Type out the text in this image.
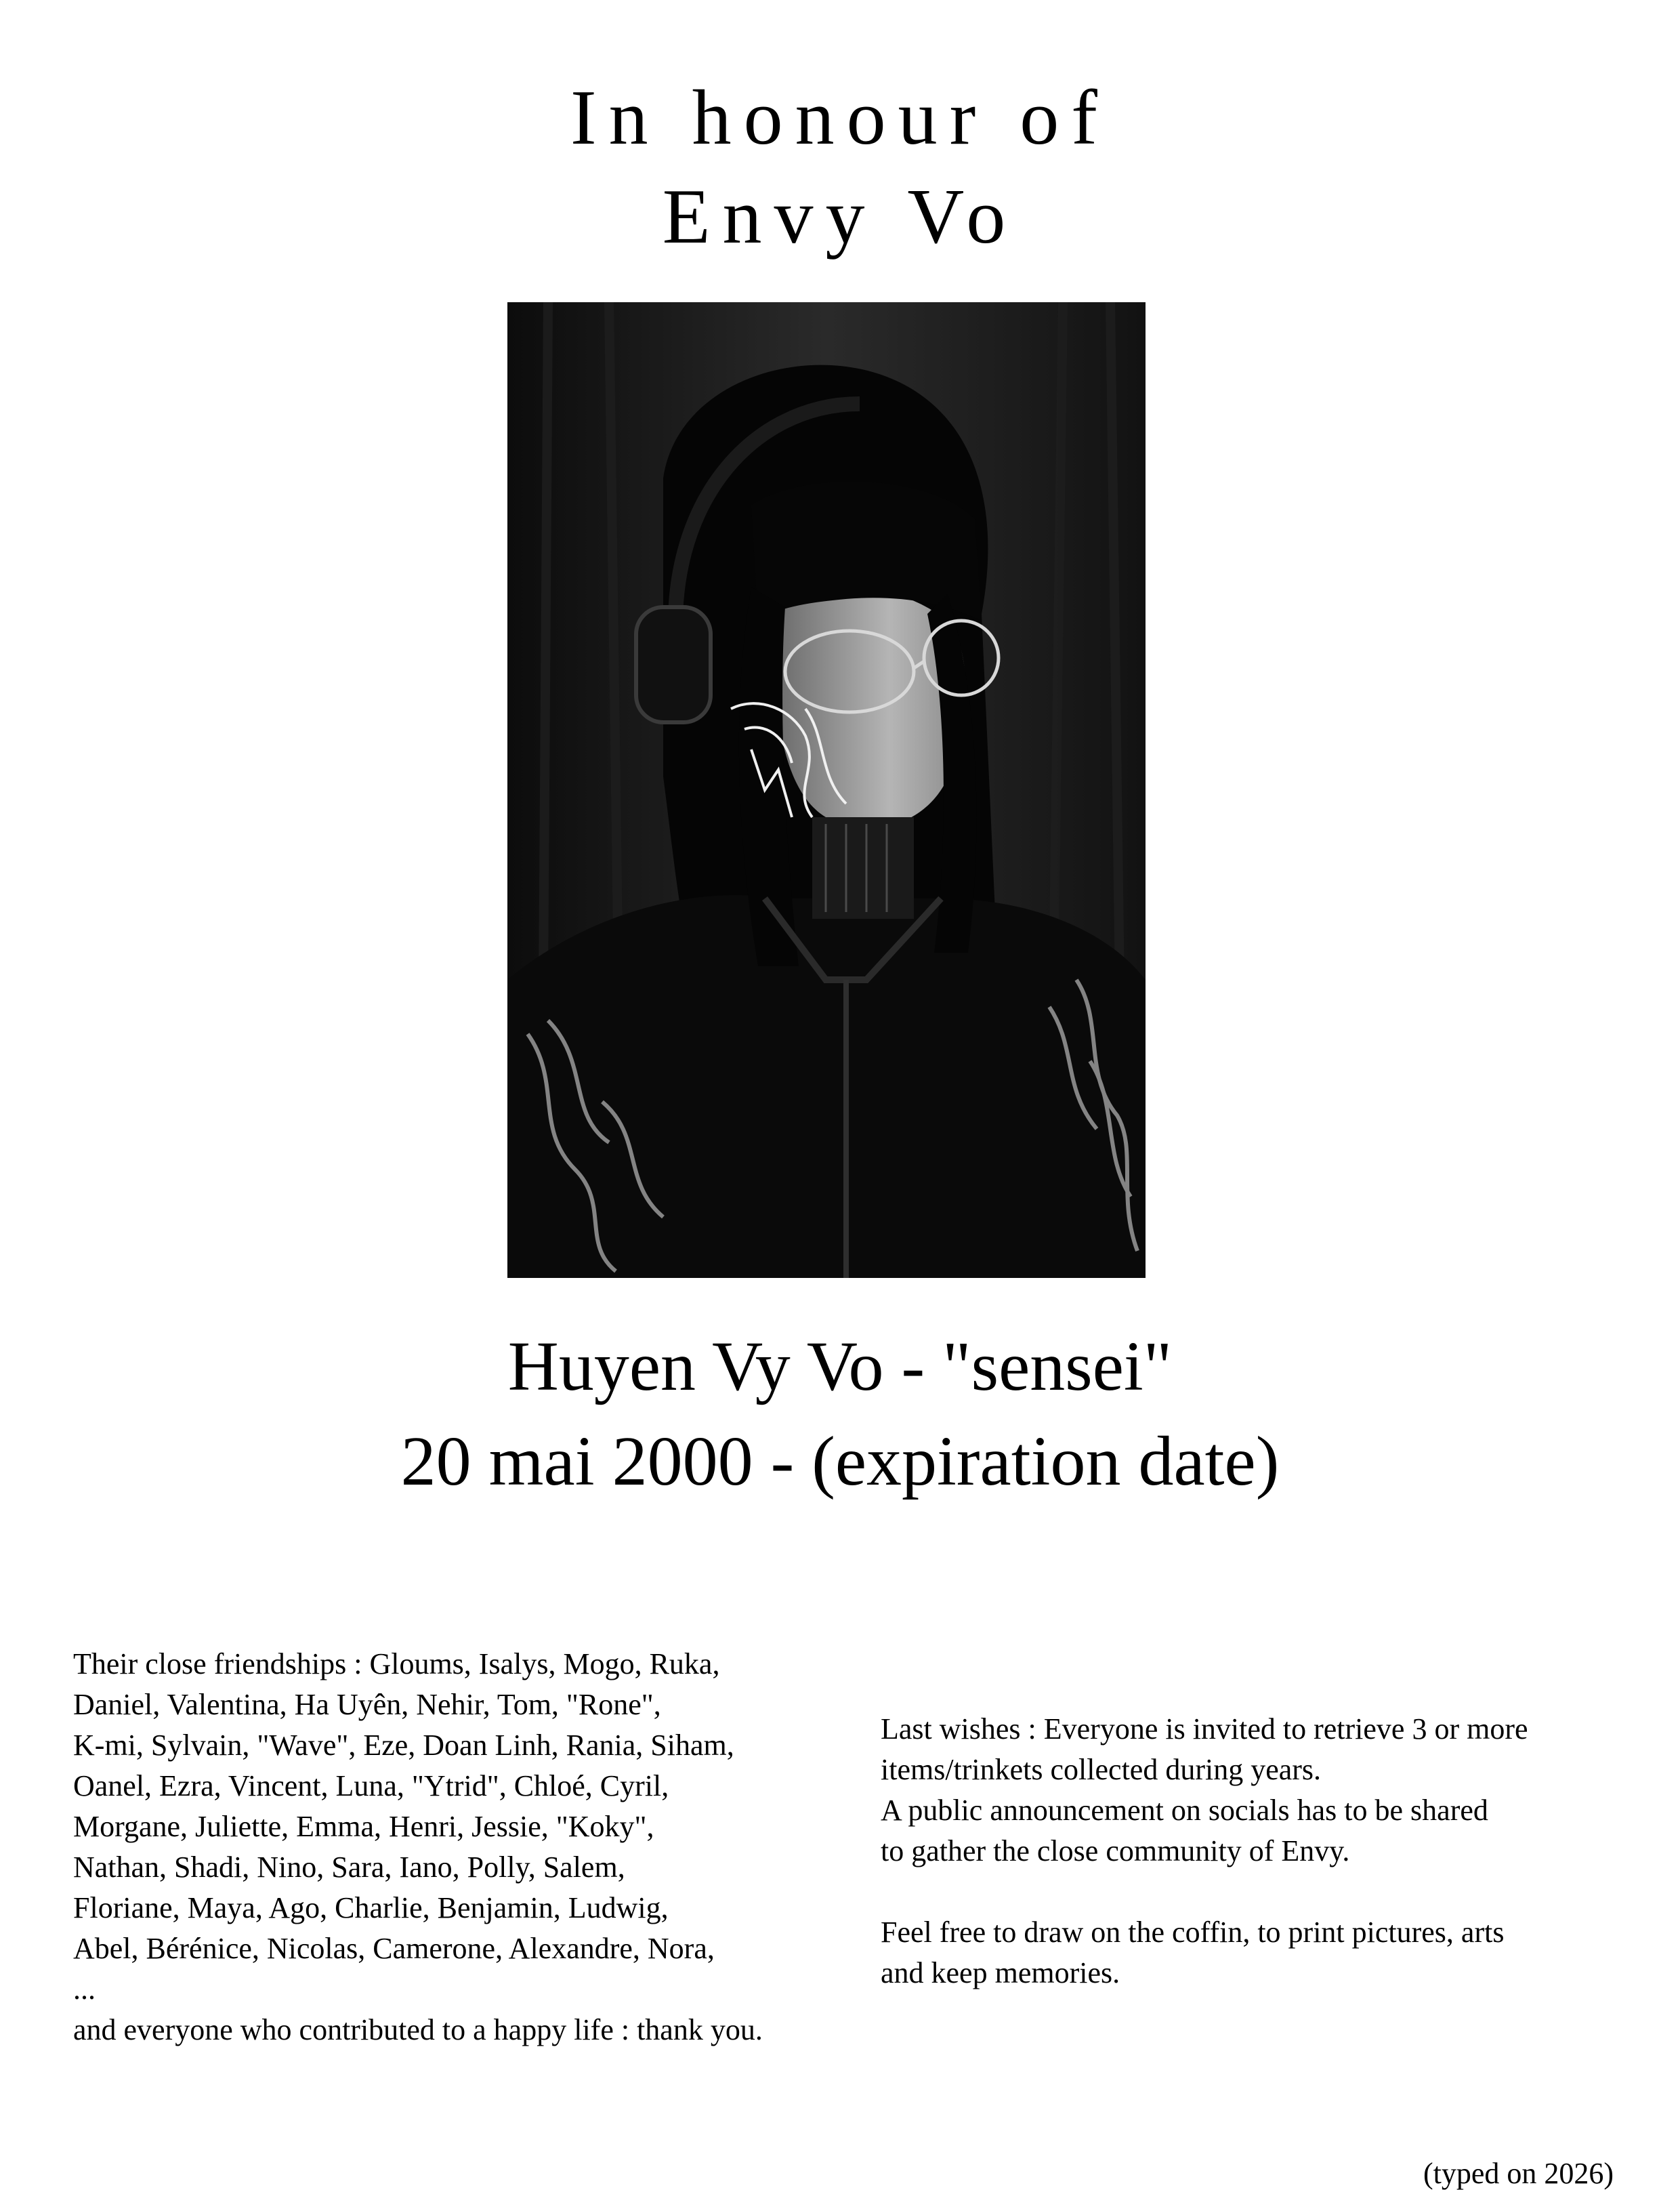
In honour of
Envy Vo
Huyen Vy Vo - "sensei"
20 mai 2000 - (expiration date)
Their close friendships : Gloums, Isalys, Mogo, Ruka,
Daniel, Valentina, Ha Uyên, Nehir, Tom, "Rone",
K-mi, Sylvain, "Wave", Eze, Doan Linh, Rania, Siham,
Oanel, Ezra, Vincent, Luna, "Ytrid", Chloé, Cyril,
Morgane, Juliette, Emma, Henri, Jessie, "Koky",
Nathan, Shadi, Nino, Sara, Iano, Polly, Salem,
Floriane, Maya, Ago, Charlie, Benjamin, Ludwig,
Abel, Bérénice, Nicolas, Camerone, Alexandre, Nora,
...
and everyone who contributed to a happy life : thank you.
Last wishes : Everyone is invited to retrieve 3 or more
items/trinkets collected during years.
A public announcement on socials has to be shared
to gather the close community of Envy.
Feel free to draw on the coffin, to print pictures, arts
and keep memories.
(typed on 2026)
